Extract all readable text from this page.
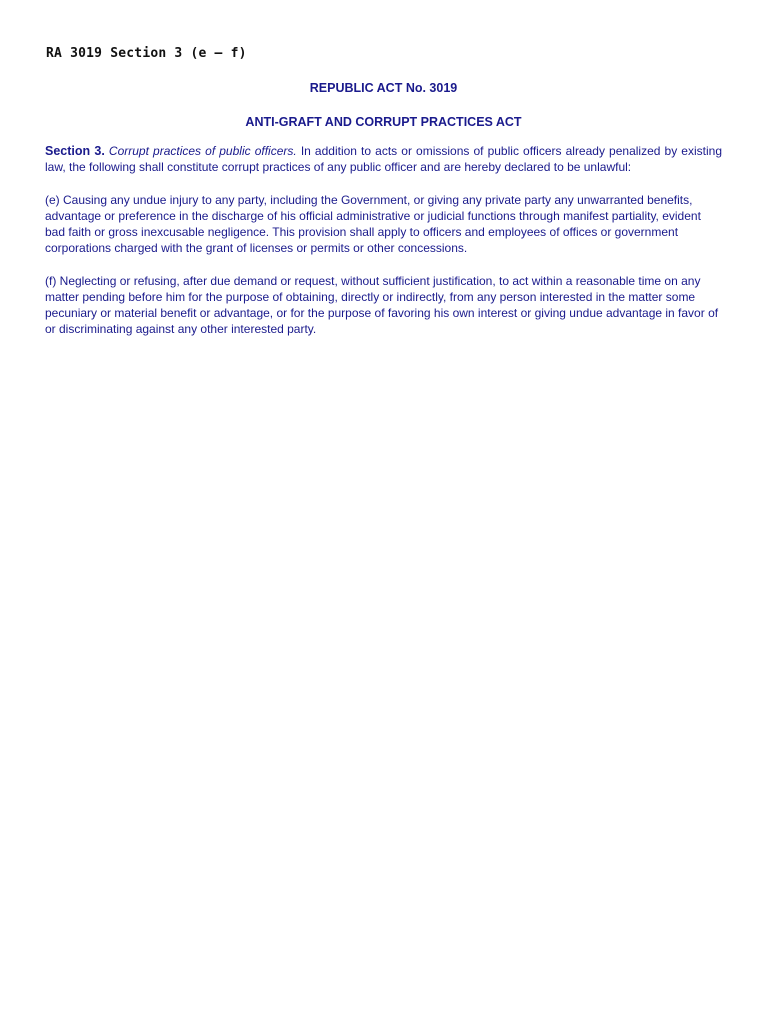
RA 3019 Section 3 (e – f)
REPUBLIC ACT No. 3019
ANTI-GRAFT AND CORRUPT PRACTICES ACT

Section 3. Corrupt practices of public officers. In addition to acts or omissions of public officers already penalized by existing law, the following shall constitute corrupt practices of any public officer and are hereby declared to be unlawful:

(e) Causing any undue injury to any party, including the Government, or giving any private party any unwarranted benefits, advantage or preference in the discharge of his official administrative or judicial functions through manifest partiality, evident bad faith or gross inexcusable negligence. This provision shall apply to officers and employees of offices or government corporations charged with the grant of licenses or permits or other concessions.

(f) Neglecting or refusing, after due demand or request, without sufficient justification, to act within a reasonable time on any matter pending before him for the purpose of obtaining, directly or indirectly, from any person interested in the matter some pecuniary or material benefit or advantage, or for the purpose of favoring his own interest or giving undue advantage in favor of or discriminating against any other interested party.
